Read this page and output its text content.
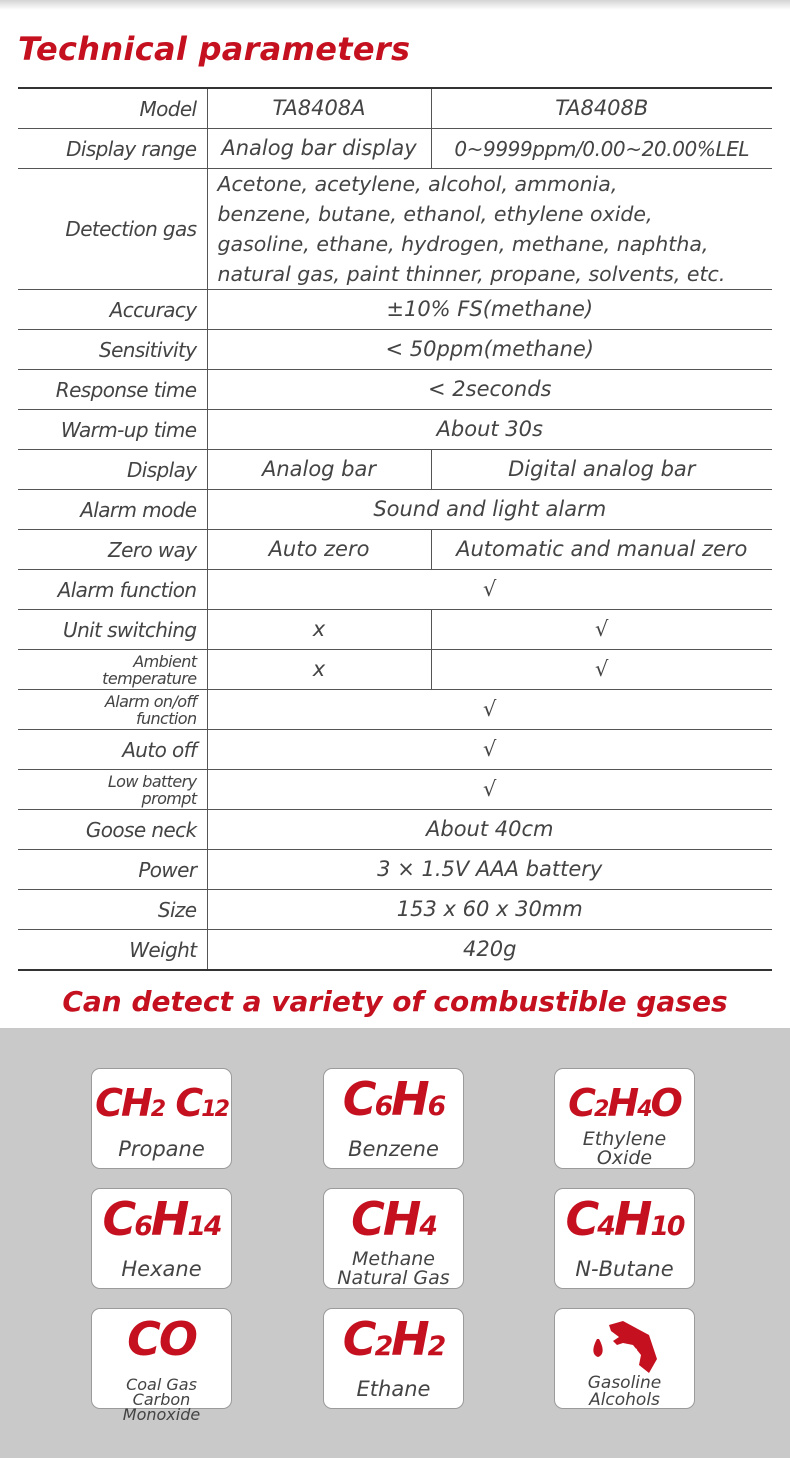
Technical parameters
Model	TA8408A	TA8408B
Display range	Analog bar display	0~9999ppm/0.00~20.00%LEL
Detection gas	Acetone, acetylene, alcohol, ammonia,
benzene, butane, ethanol, ethylene oxide,
gasoline, ethane, hydrogen, methane, naphtha,
natural gas, paint thinner, propane, solvents, etc.	

Accuracy	±10% FS(methane)	
Sensitivity	< 50ppm(methane)	
Response time	< 2seconds	
Warm-up time	About 30s	
Display	Analog bar	Digital analog bar
Alarm mode	Sound and light alarm	
Zero way	Auto zero	Automatic and manual zero
Alarm function	√	
Unit switching	x	√

Ambient
temperature	x	√

Alarm on/off
function	√	
Auto off	√	

Low battery
prompt	√	
Goose neck	About 40cm	
Power	3 × 1.5V AAA battery	
Size	153 x 60 x 30mm	
Weight	420g	
Can detect a variety of combustible gases
CH2 C12
Propane
C6H6
Benzene
C2H4O
Ethylene
Oxide
C6H14
Hexane
CH4
Methane
Natural Gas
C4H10
N-Butane
CO
Coal Gas
Carbon Monoxide
C2H2
Ethane	Gasoline
Alcohols
